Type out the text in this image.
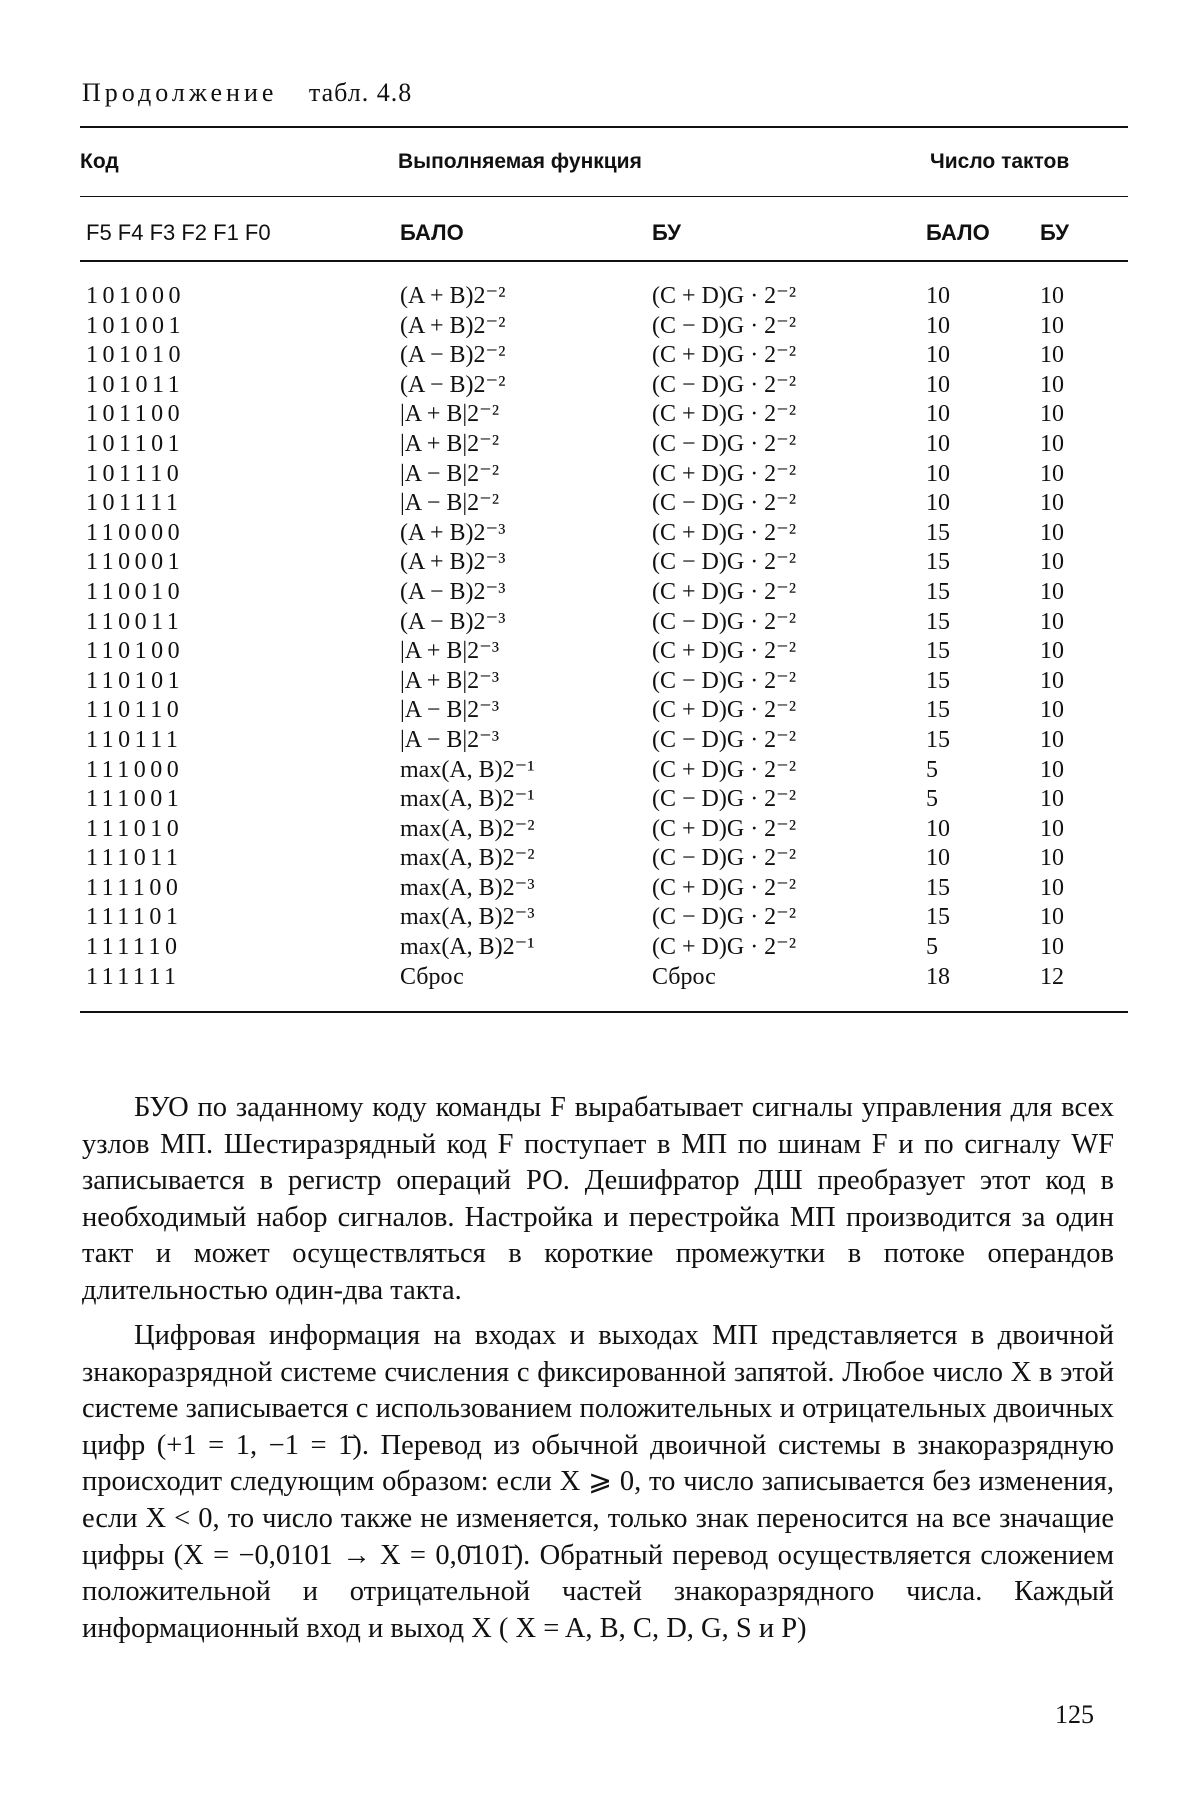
Продолжение табл. 4.8
Код	Выполняемая функция	Число тактов
F5 F4 F3 F2 F1 F0	БАЛО	БУ	БАЛО БУ
101000	(A + B)2⁻²	(C + D)G · 2⁻²	10	10
101001	(A + B)2⁻²	(C − D)G · 2⁻²	10	10
101010	(A − B)2⁻²	(C + D)G · 2⁻²	10	10
101011	(A − B)2⁻²	(C − D)G · 2⁻²	10	10
101100	|A + B|2⁻²	(C + D)G · 2⁻²	10	10
101101	|A + B|2⁻²	(C − D)G · 2⁻²	10	10
101110	|A − B|2⁻²	(C + D)G · 2⁻²	10	10
101111	|A − B|2⁻²	(C − D)G · 2⁻²	10	10
110000	(A + B)2⁻³	(C + D)G · 2⁻²	15	10
110001	(A + B)2⁻³	(C − D)G · 2⁻²	15	10
110010	(A − B)2⁻³	(C + D)G · 2⁻²	15	10
110011	(A − B)2⁻³	(C − D)G · 2⁻²	15	10
110100	|A + B|2⁻³	(C + D)G · 2⁻²	15	10
110101	|A + B|2⁻³	(C − D)G · 2⁻²	15	10
110110	|A − B|2⁻³	(C + D)G · 2⁻²	15	10
110111	|A − B|2⁻³	(C − D)G · 2⁻²	15	10
111000	max(A, B)2⁻¹	(C + D)G · 2⁻²	5	10
111001	max(A, B)2⁻¹	(C − D)G · 2⁻²	5	10
111010	max(A, B)2⁻²	(C + D)G · 2⁻²	10	10
111011	max(A, B)2⁻²	(C − D)G · 2⁻²	10	10
111100	max(A, B)2⁻³	(C + D)G · 2⁻²	15	10
111101	max(A, B)2⁻³	(C − D)G · 2⁻²	15	10
111110	max(A, B)2⁻¹	(C + D)G · 2⁻²	5	10
111111	Сброс	Сброс	18	12

БУО по заданному коду команды F вырабатывает сигналы управления для всех узлов МП. Шестиразрядный код F поступает в МП по шинам F и по сигналу WF записывается в регистр операций РО. Дешифратор ДШ преобразует этот код в необходимый набор сигналов. Настройка и перестройка МП производится за один такт и может осуществляться в короткие промежутки в потоке операндов длительностью один-два такта.

Цифровая информация на входах и выходах МП представляется в двоичной знакоразрядной системе счисления с фиксированной запятой. Любое число X в этой системе записывается с использованием положительных и отрицательных двоичных цифр (+1 = 1, −1 = 1̄). Перевод из обычной двоичной системы в знакоразрядную происходит следующим образом: если X ⩾ 0, то число записывается без изменения, если X < 0, то число также не изменяется, только знак переносится на все значащие цифры (X = −0,0101 → X = 0,0̄101̄). Обратный перевод осуществляется сложением положительной и отрицательной частей знакоразрядного числа. Каждый информационный вход и выход X ( X = A, B, C, D, G, S и P)

125
